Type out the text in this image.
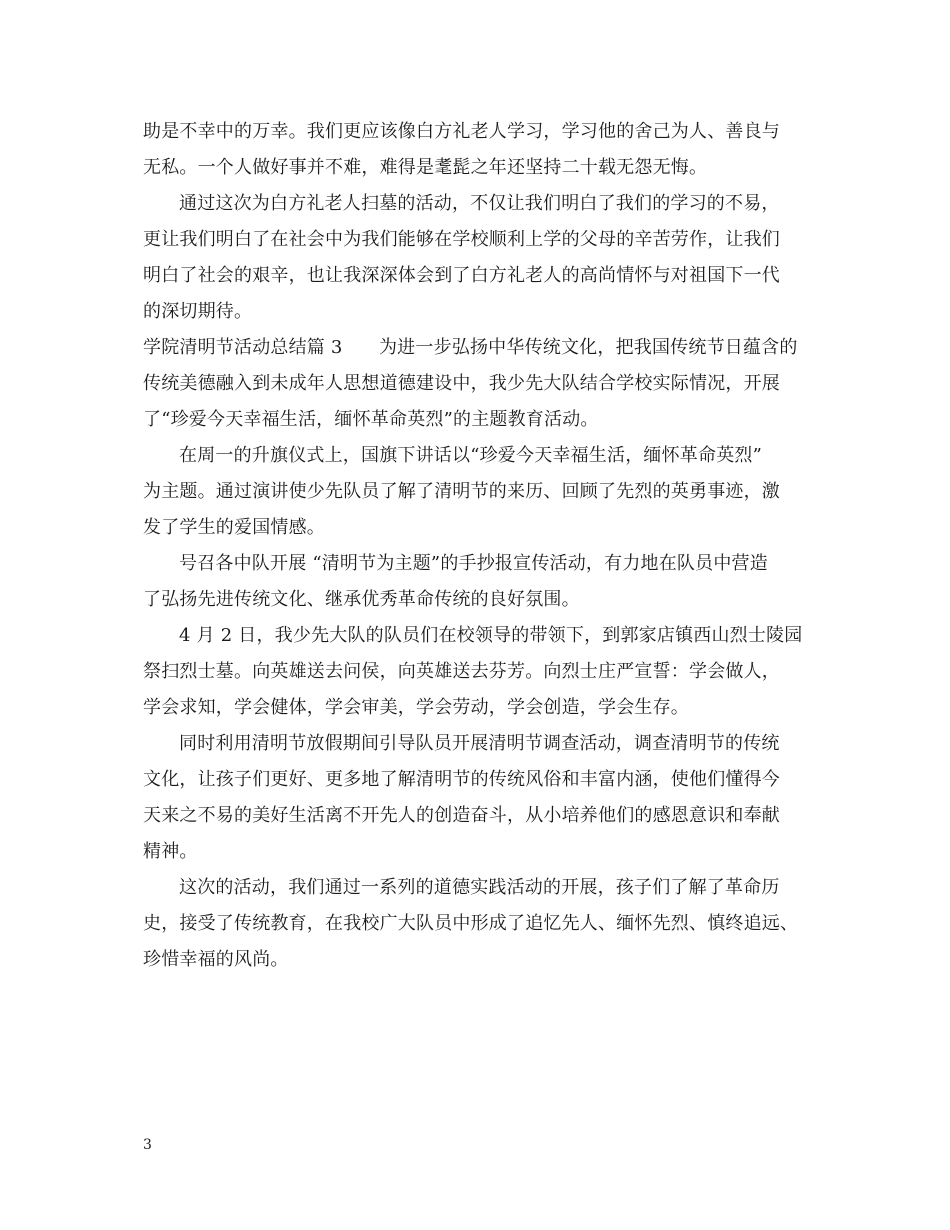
助是不幸中的万幸。我们更应该像白方礼老人学习，学习他的舍己为人、善良与
无私。一个人做好事并不难，难得是耄髭之年还坚持二十载无怨无悔。
通过这次为白方礼老人扫墓的活动，不仅让我们明白了我们的学习的不易，
更让我们明白了在社会中为我们能够在学校顺利上学的父母的辛苦劳作，让我们
明白了社会的艰辛，也让我深深体会到了白方礼老人的高尚情怀与对祖国下一代
的深切期待。
学院清明节活动总结篇 3　　为进一步弘扬中华传统文化，把我国传统节日蕴含的
传统美德融入到未成年人思想道德建设中，我少先大队结合学校实际情况，开展
了“珍爱今天幸福生活，缅怀革命英烈”的主题教育活动。
在周一的升旗仪式上，国旗下讲话以“珍爱今天幸福生活，缅怀革命英烈”
为主题。通过演讲使少先队员了解了清明节的来历、回顾了先烈的英勇事迹，激
发了学生的爱国情感。
号召各中队开展 “清明节为主题”的手抄报宣传活动，有力地在队员中营造
了弘扬先进传统文化、继承优秀革命传统的良好氛围。
4 月 2 日，我少先大队的队员们在校领导的带领下，到郭家店镇西山烈士陵园
祭扫烈士墓。向英雄送去问侯，向英雄送去芬芳。向烈士庄严宣誓：学会做人，
学会求知，学会健体，学会审美，学会劳动，学会创造，学会生存。
同时利用清明节放假期间引导队员开展清明节调查活动，调查清明节的传统
文化，让孩子们更好、更多地了解清明节的传统风俗和丰富内涵，使他们懂得今
天来之不易的美好生活离不开先人的创造奋斗，从小培养他们的感恩意识和奉献
精神。
这次的活动，我们通过一系列的道德实践活动的开展，孩子们了解了革命历
史，接受了传统教育，在我校广大队员中形成了追忆先人、缅怀先烈、慎终追远、
珍惜幸福的风尚。
3
